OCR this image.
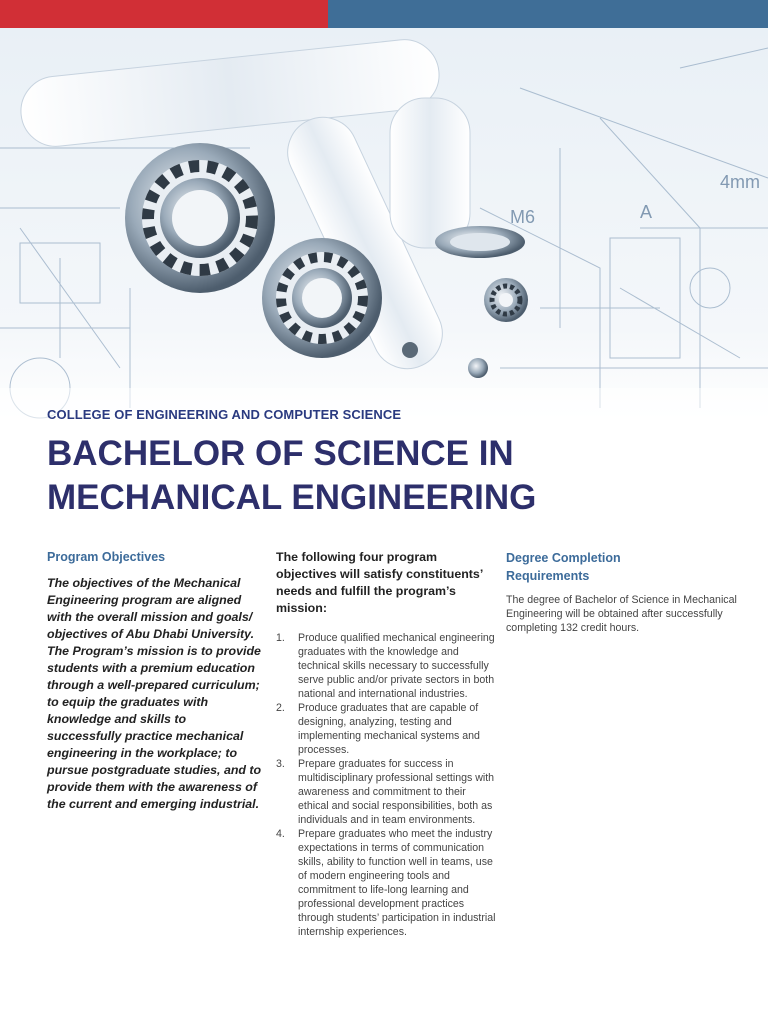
M6
4mm
A
COLLEGE OF ENGINEERING AND COMPUTER SCIENCE
BACHELOR OF SCIENCE IN
MECHANICAL ENGINEERING
Program Objectives

The objectives of the Mechanical Engineering program are aligned with the overall mission and goals/ objectives of Abu Dhabi University. The Program’s mission is to provide students with a premium education through a well-prepared curriculum; to equip the graduates with knowledge and skills to successfully practice mechanical engineering in the workplace; to pursue postgraduate studies, and to provide them with the awareness of the current and emerging industrial.

The following four program objectives will satisfy constituents’ needs and fulfill the program’s mission:

1. Produce qualified mechanical engineering graduates with the knowledge and technical skills necessary to successfully serve public and/or private sectors in both national and international industries.
2. Produce graduates that are capable of designing, analyzing, testing and implementing mechanical systems and processes.
3. Prepare graduates for success in multidisciplinary professional settings with awareness and commitment to their ethical and social responsibilities, both as individuals and in team environments.
4. Prepare graduates who meet the industry expectations in terms of communication skills, ability to function well in teams, use of modern engineering tools and commitment to life-long learning and professional development practices through students’ participation in industrial internship experiences.
Degree Completion Requirements

The degree of Bachelor of Science in Mechanical Engineering will be obtained after successfully completing 132 credit hours.
